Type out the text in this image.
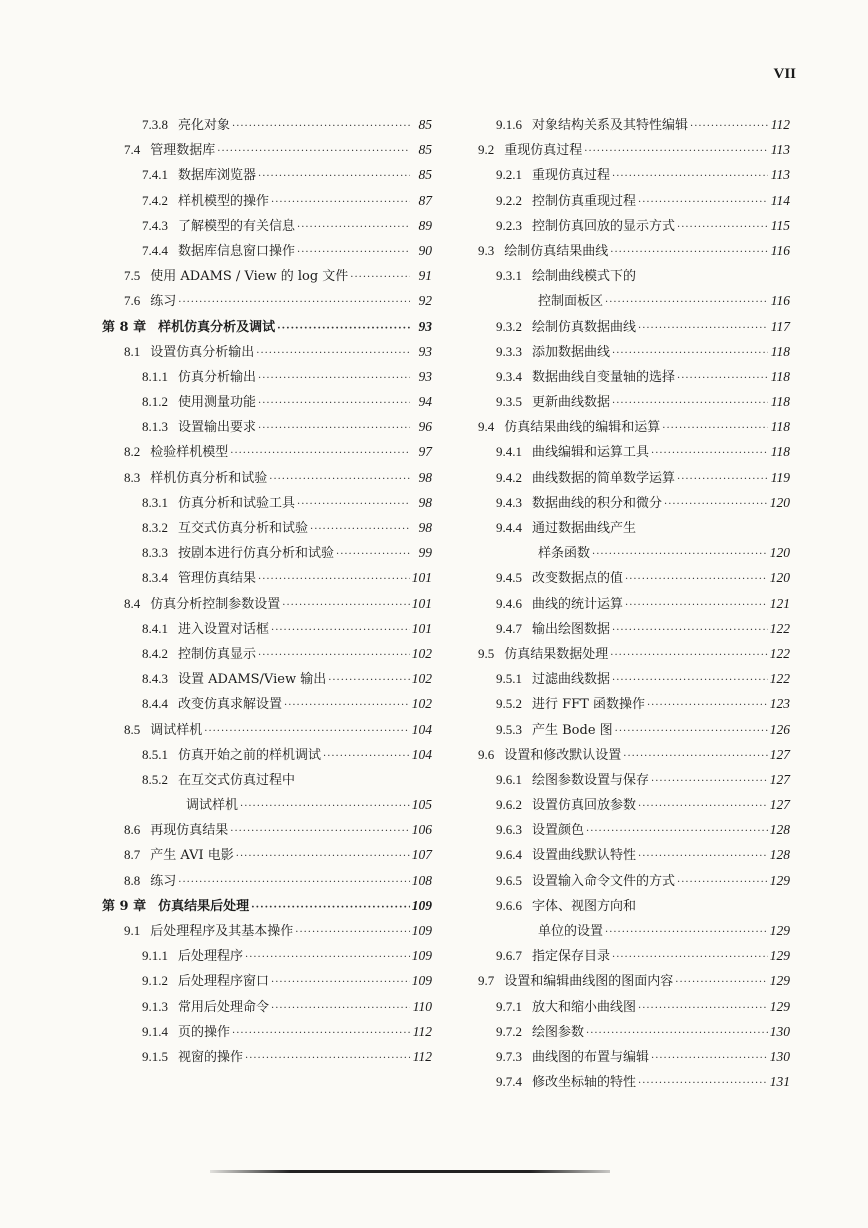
VII
7.3.8 亮化对象 ·····	85
7.4 管理数据库 ·····	85
7.4.1 数据库浏览器 ·····	85
7.4.2 样机模型的操作 ·····	87
7.4.3 了解模型的有关信息 ·····	89
7.4.4 数据库信息窗口操作 ·····	90
7.5 使用 ADAMS / View 的 log 文件 ·····	91
7.6 练习 ·····	92
第 8 章 样机仿真分析及调试 ·····	93
8.1 设置仿真分析输出 ·····	93
8.1.1 仿真分析输出 ·····	93
8.1.2 使用测量功能 ·····	94
8.1.3 设置输出要求 ·····	96
8.2 检验样机模型 ·····	97
8.3 样机仿真分析和试验 ·····	98
8.3.1 仿真分析和试验工具 ·····	98
8.3.2 互交式仿真分析和试验 ·····	98
8.3.3 按剧本进行仿真分析和试验 ·····	99
8.3.4 管理仿真结果 ·····	101
8.4 仿真分析控制参数设置 ·····	101
8.4.1 进入设置对话框 ·····	101
8.4.2 控制仿真显示 ·····	102
8.4.3 设置 ADAMS/View 输出 ·····	102
8.4.4 改变仿真求解设置 ·····	102
8.5 调试样机 ·····	104
8.5.1 仿真开始之前的样机调试 ·····	104
8.5.2 在互交式仿真过程中
调试样机 ·····	105
8.6 再现仿真结果 ·····	106
8.7 产生 AVI 电影 ·····	107
8.8 练习 ·····	108
第 9 章 仿真结果后处理 ·····	109
9.1 后处理程序及其基本操作 ·····	109
9.1.1 后处理程序 ·····	109
9.1.2 后处理程序窗口 ·····	109
9.1.3 常用后处理命令 ·····	110
9.1.4 页的操作 ·····	112
9.1.5 视窗的操作 ·····	112
9.1.6 对象结构关系及其特性编辑 ·····	112
9.2 重现仿真过程 ·····	113
9.2.1 重现仿真过程 ·····	113
9.2.2 控制仿真重现过程 ·····	114
9.2.3 控制仿真回放的显示方式 ·····	115
9.3 绘制仿真结果曲线 ·····	116
9.3.1 绘制曲线模式下的
控制面板区 ·····	116
9.3.2 绘制仿真数据曲线 ·····	117
9.3.3 添加数据曲线 ·····	118
9.3.4 数据曲线自变量轴的选择 ·····	118
9.3.5 更新曲线数据 ·····	118
9.4 仿真结果曲线的编辑和运算 ·····	118
9.4.1 曲线编辑和运算工具 ·····	118
9.4.2 曲线数据的简单数学运算 ·····	119
9.4.3 数据曲线的积分和微分 ·····	120
9.4.4 通过数据曲线产生
样条函数 ·····	120
9.4.5 改变数据点的值 ·····	120
9.4.6 曲线的统计运算 ·····	121
9.4.7 输出绘图数据 ·····	122
9.5 仿真结果数据处理 ·····	122
9.5.1 过滤曲线数据 ·····	122
9.5.2 进行 FFT 函数操作 ·····	123
9.5.3 产生 Bode 图 ·····	126
9.6 设置和修改默认设置 ·····	127
9.6.1 绘图参数设置与保存 ·····	127
9.6.2 设置仿真回放参数 ·····	127
9.6.3 设置颜色 ·····	128
9.6.4 设置曲线默认特性 ·····	128
9.6.5 设置输入命令文件的方式 ·····	129
9.6.6 字体、视图方向和
单位的设置 ·····	129
9.6.7 指定保存目录 ·····	129
9.7 设置和编辑曲线图的图面内容 ·····	129
9.7.1 放大和缩小曲线图 ·····	129
9.7.2 绘图参数 ·····	130
9.7.3 曲线图的布置与编辑 ·····	130
9.7.4 修改坐标轴的特性 ·····	131
